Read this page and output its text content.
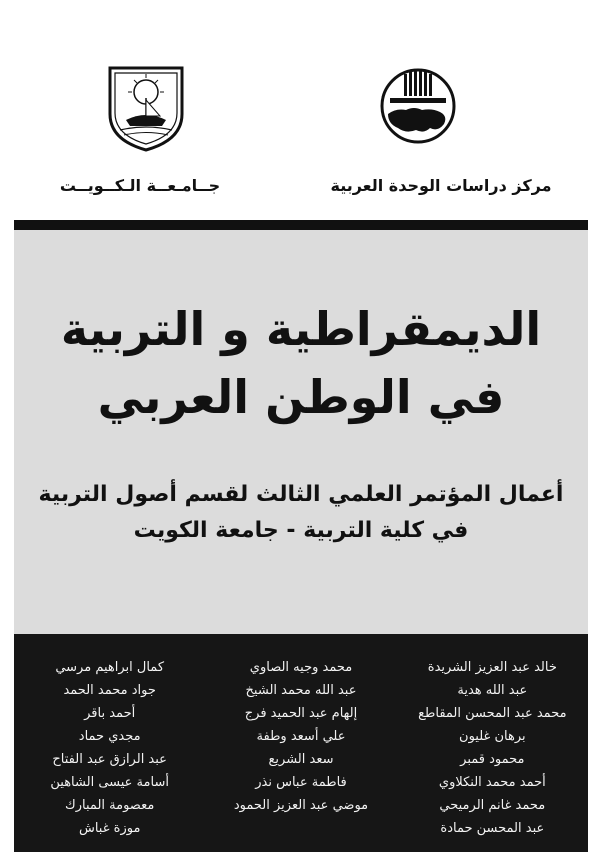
جــامـعــة الـكــويــت	مركز دراسات الوحدة العربية
الديمقراطية و التربية
في الوطن العربي
أعمال المؤتمر العلمي الثالث لقسم أصول التربية
في كلية التربية - جامعة الكويت
خالد عبد العزيز الشريدة
عبد الله هدية
محمد عبد المحسن المقاطع
برهان غليون
محمود قمبر
أحمد محمد النكلاوي
محمد غانم الرميحي
عبد المحسن حمادة
محمد وجيه الصاوي
عبد الله محمد الشيخ
إلهام عبد الحميد فرج
علي أسعد وطفة
سعد الشريع
فاطمة عباس نذر
موضي عبد العزيز الحمود
كمال ابراهيم مرسي
جواد محمد الحمد
أحمد باقر
مجدي حماد
عبد الرازق عبد الفتاح
أسامة عيسى الشاهين
معصومة المبارك
موزة غباش
